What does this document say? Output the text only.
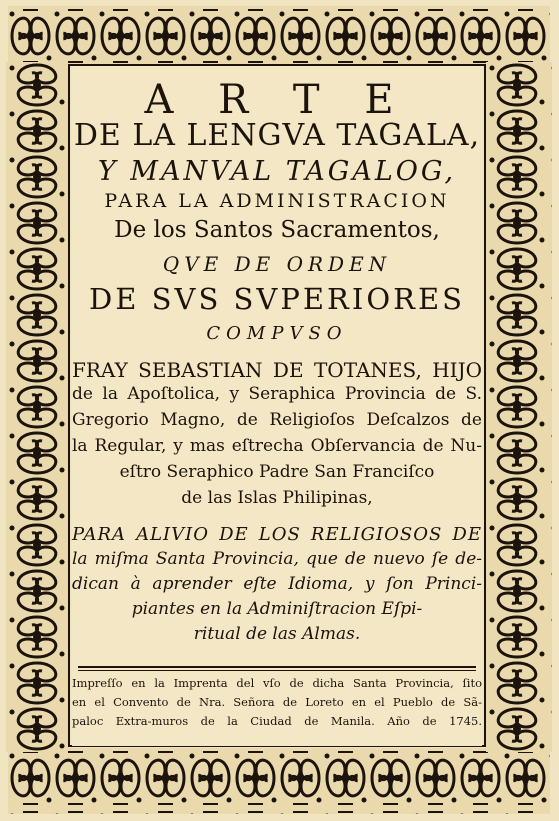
A R T E
DE LA LENGVA TAGALA,
Y MANVAL TAGALOG,
PARA LA ADMINISTRACION
De los Santos Sacramentos,
QVE DE ORDEN
DE SVS SVPERIORES
COMPVSO
FRAY SEBASTIAN DE TOTANES, HIJO
de la Apoſtolica, y Seraphica Provincia de S.
Gregorio Magno, de Religioſos Deſcalzos de
la Regular, y mas eſtrecha Obſervancia de Nu-
eſtro Seraphico Padre San Franciſco
de las Islas Philipinas,
PARA ALIVIO DE LOS RELIGIOSOS DE
la miſma Santa Provincia, que de nuevo ſe de-
dican à aprender eſte Idioma, y ſon Princi-
piantes en la Adminiſtracion Eſpi-
ritual de las Almas.
Impreſſo en la Imprenta del vſo de dicha Santa Provincia, ſito
en el Convento de Nra. Señora de Loreto en el Pueblo de Sã-
paloc Extra-muros de la Ciudad de Manila. Año de 1745.
